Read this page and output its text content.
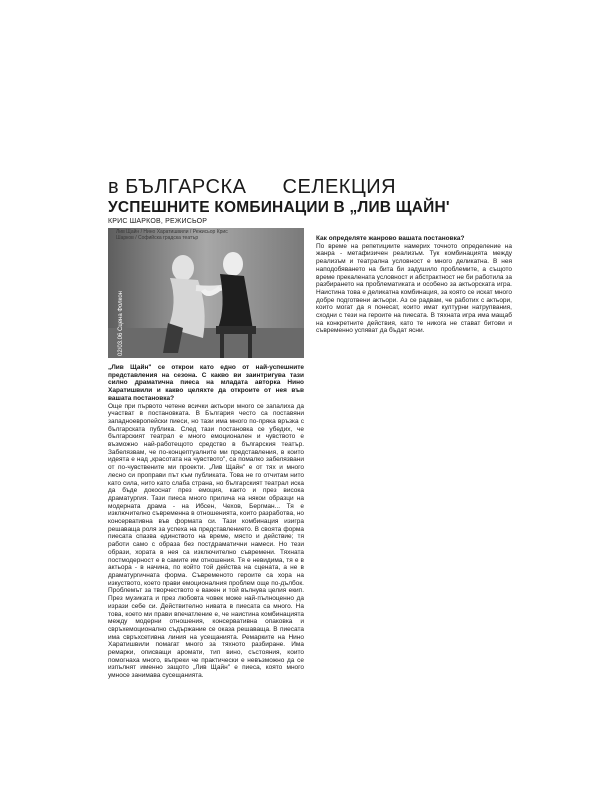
в БЪЛГАРСКА СЕЛЕКЦИЯ
УСПЕШНИТЕ КОМБИНАЦИИ В „ЛИВ ЩАЙН'
КРИС ШАРКОВ, РЕЖИСЬОР
Лив Щайн / Нино Харатишвили / Режисьор Крис Шарков / Софийска градска театър
02/03.06 Сцена Фолкон

„Лив Щайн" се открои като едно от най-успешните представления на сезона. С какво ви заинтригува тази силно драматична пиеса на младата авторка Нино Харатишвили и какво целяхте да откроите от нея във вашата постановка?

Още при първото четене всички актьори много се запалиха да участват в постановката. В България често са поставяни западноевропейски пиеси, но тази има много по-пряка връзка с българската публика. След тази постановка се убедих, че българският театрал е много емоционален и чувството е възможно най-работещото средство в българския театър. Забелязвам, че по-концептуалните ми представления, в които идеята е над „красотата на чувството", са помалко забелязвани от по-чувствените ми проекти. „Лив Щайн" е от тях и много лесно си проправи път към публиката. Това не го отчитам нито като сила, нито като слаба страна, но българският театрал иска да бъде докоснат през емоция, както и през висока драматургия. Тази пиеса много прилича на някои образци на модерната драма - на Ибсен, Чехов, Бергман... Тя е изключително съвременна в отношенията, които разработва, но консервативна във формата си. Тази комбинация изигра решаваща роля за успеха на представлението. В своята форма пиесата спазва единството на време, място и действие; тя работи само с образа без постдраматични намеси. Но тези образи, хората в нея са изключително съвремени. Тяхната постмодерност е в самите им отношения. Тя е невидима, тя е в актьора - в начина, по който той действа на сцената, а не в драматургичната форма. Съвременото героите са хора на изкуството, което прави емоционалния проблем още по-дълбок. Проблемът за творчеството е важен и той вълнува целия екип. През музиката и през любовта човек може най-пълноценно да изрази себе си. Действително нивата в пиесата са много. На това, което ми прави впечатление е, че наистина комбинацията между модерни отношения, консервативна опаковка и свръхемоционално съдържание се оказа решаваща. В пиесата има свръхсетивна линия на усещанията. Ремарките на Нино Харатишвили помагат много за тяхното разбиране. Има ремарки, описващи аромати, тип вино, състояния, които помогнаха много, въпреки че практически е невъзможно да се изпълнят именно защото „Лив Щайн" е пиеса, която много умносе занимава сусещанията.

Как определяте жанрово вашата постановка?

По време на репетициите намерих точното определение на жанра - метафизичен реализъм. Тук комбинацията между реализъм и театрална условност е много деликатна. В нея наподобяването на бита би задушило проблемите, а същото време прекалената условност и абстрактност не би работила за разбирането на проблематиката и особено за актьорската игра. Наистина това е деликатна комбинация, за която се искат много добре подготвени актьори. Аз се радвам, че работих с актьори, които могат да я понесат, които имат културни натрупвания, сходни с тези на героите на пиесата. В тяхната игра има мащаб на конкретните действия, като те никога не стават битови и съвременно успяват да бъдат ясни.
